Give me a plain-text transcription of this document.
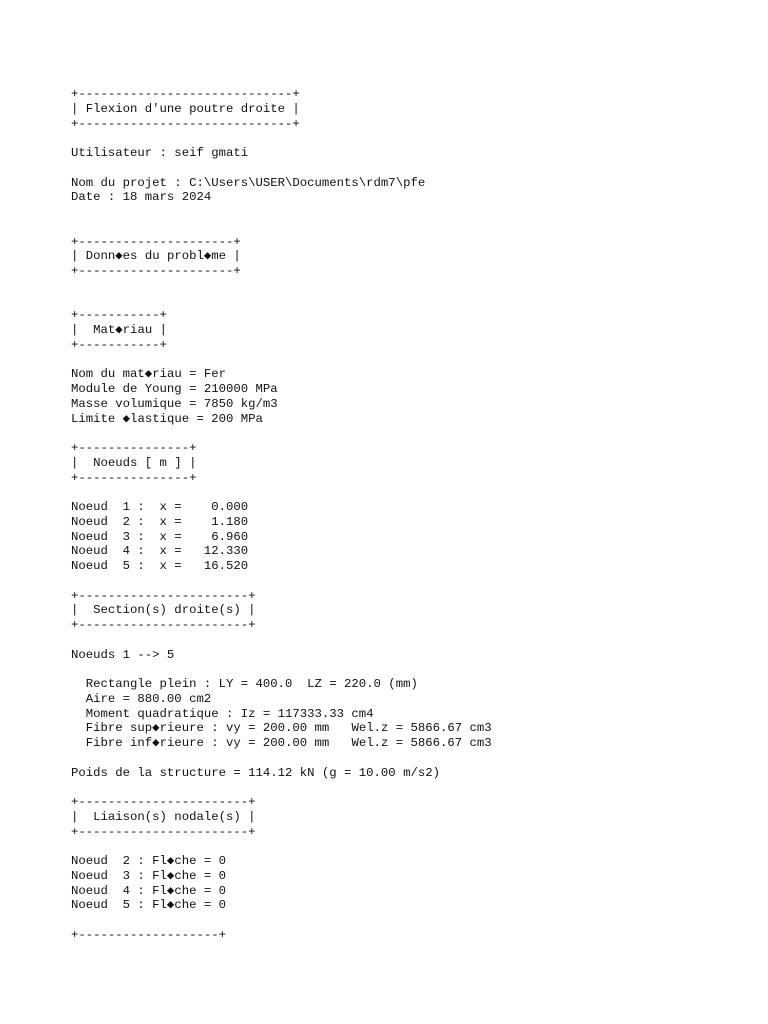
+-----------------------------+
| Flexion d'une poutre droite |
+-----------------------------+
Utilisateur : seif gmati
Nom du projet : C:\Users\USER\Documents\rdm7\pfe
Date : 18 mars 2024
+---------------------+
| Donn◆es du probl◆me |
+---------------------+
+-----------+
|  Mat◆riau |
+-----------+
Nom du mat◆riau = Fer
Module de Young = 210000 MPa
Masse volumique = 7850 kg/m3
Limite ◆lastique = 200 MPa
+---------------+
|  Noeuds [ m ] |
+---------------+
Noeud  1 :  x =    0.000
Noeud  2 :  x =    1.180
Noeud  3 :  x =    6.960
Noeud  4 :  x =   12.330
Noeud  5 :  x =   16.520
+-----------------------+
|  Section(s) droite(s) |
+-----------------------+
Noeuds 1 --> 5
Rectangle plein : LY = 400.0  LZ = 220.0 (mm)
Aire = 880.00 cm2
Moment quadratique : Iz = 117333.33 cm4
Fibre sup◆rieure : vy = 200.00 mm   Wel.z = 5866.67 cm3
Fibre inf◆rieure : vy = 200.00 mm   Wel.z = 5866.67 cm3
Poids de la structure = 114.12 kN (g = 10.00 m/s2)
+-----------------------+
|  Liaison(s) nodale(s) |
+-----------------------+
Noeud  2 : Fl◆che = 0
Noeud  3 : Fl◆che = 0
Noeud  4 : Fl◆che = 0
Noeud  5 : Fl◆che = 0
+-------------------+
